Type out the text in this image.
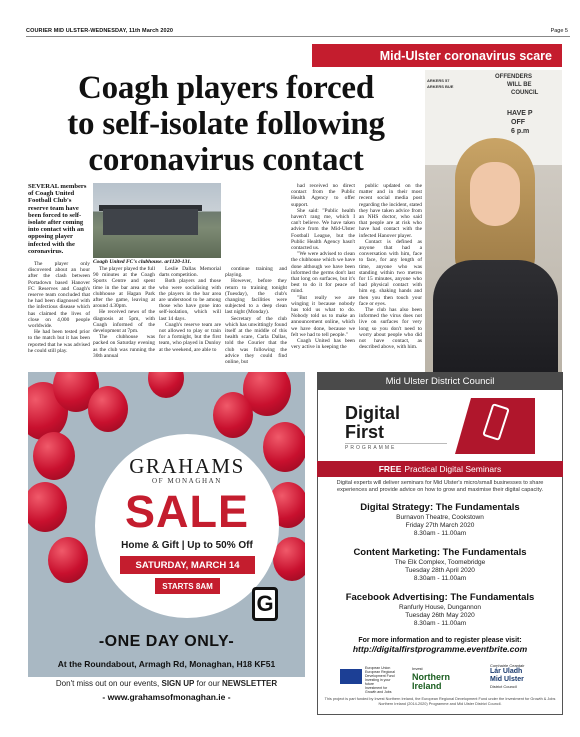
COURIER MID ULSTER-WEDNESDAY, 11th March 2020	Page 5
Mid-Ulster coronavirus scare
Coagh players forced
to self-isolate following
coronavirus contact
OFFENDERS
WILL BE
COUNCIL
HAVE P
OFF
6 p.m
ARKERS 57
ARKERS BUE
SEVERAL members of Coagh United Football Club's reserve team have been forced to self-isolate after coming into contact with an opposing player infected with the coronavirus.

The player only discovered about an hour after the clash between Portadown based Hanover FC Reserves and Coagh's reserve team concluded that he had been diagnosed with the infectious disease which has claimed the lives of close on 4,000 people worldwide.

He had been tested prior to the match but it has been reported that he was advised he could still play.

Coagh United FC's clubhouse. ar1120-131.

The player played the full 90 minutes at the Coagh Sports Centre and spent time in the bar area at the clubhouse at Hagan Park after the game, leaving at around 4.30pm.

He received news of the diagnosis at 5pm, with Coagh informed of the development at 7pm.

The clubhouse was packed on Saturday evening as the club was running the 30th annual

Leslie Dallas Memorial darts competition.

Both players and those who were socialising with the players in the bar area are understood to be among those who have gone into self-isolation, which will last 14 days.

Coagh's reserve team are not allowed to play or train for a fortnight, but the first team, who played in Dunloy at the weekend, are able to

continue training and playing.

However, before they return to training tonight (Tuesday), the club's changing facilities were subjected to a deep clean last night (Monday).

Secretary of the club which has unwittingly found itself at the middle of this health scare, Carla Dallas, told the Courier that the club was following the advice they could find online, but

had received no direct contact from the Public Health Agency to offer support.

She said: "Public health haven't rang me, which I can't believe. We have taken advice from the Mid-Ulster Football League, but the Public Health Agency hasn't contacted us.

"We were advised to clean the clubhouse which we have done although we have been informed the germs don't last that long on surfaces, but it's best to do it for peace of mind.

"But really we are winging it because nobody has told us what to do. Nobody told us to make an announcement online, which we have done, because we felt we had to tell people."

Coagh United has been very active in keeping the

public updated on the matter and in their most recent social media post regarding the incident, stated they have taken advice from an NHS doctor, who said that people are at risk who have had contact with the infected Hanover player.

Contact is defined as anyone that had a conversation with him, face to face, for any length of time, anyone who was standing within two metres for 15 minutes, anyone who had physical contact with him eg. shaking hands and then you then touch your face or eyes.

The club has also been informed the virus does not live on surfaces for very long so you don't need to worry about people who did not have contact, as described above, with him.

GRAHAMS
OF MONAGHAN
SALE
Home & Gift | Up to 50% Off
SATURDAY, MARCH 14
STARTS 8AM
G
-ONE DAY ONLY-
At the Roundabout, Armagh Rd, Monaghan, H18 KF51
Don't miss out on our events, SIGN UP for our NEWSLETTER
- www.grahamsofmonaghan.ie -
Mid Ulster District Council
Digital
First
PROGRAMME
FREE Practical Digital Seminars
Digital experts will deliver seminars for Mid Ulster's micro/small businesses to share experiences and provide advice on how to grow and maximise their digital capacity.
Digital Strategy: The Fundamentals
Burnavon Theatre, Cookstown
Friday 27th March 2020
8.30am - 11.00am
Content Marketing: The Fundamentals
The Elk Complex, Toomebridge
Tuesday 28th April 2020
8.30am - 11.00am
Facebook Advertising: The Fundamentals
Ranfurly House, Dungannon
Tuesday 26th May 2020
8.30am - 11.00am
For more information and to register please visit:
http://digitalfirstprogramme.eventbrite.com
European Union European Regional Development Fund Investing in your future
Investment for Growth and Jobs
Invest
Northern
Ireland
Comhairle Ceantair
Lár Uladh
Mid Ulster
District Council
This project is part funded by Invest Northern Ireland, the European Regional Development Fund under the Investment for Growth & Jobs Northern Ireland (2014-2020) Programme and Mid Ulster District Council.
